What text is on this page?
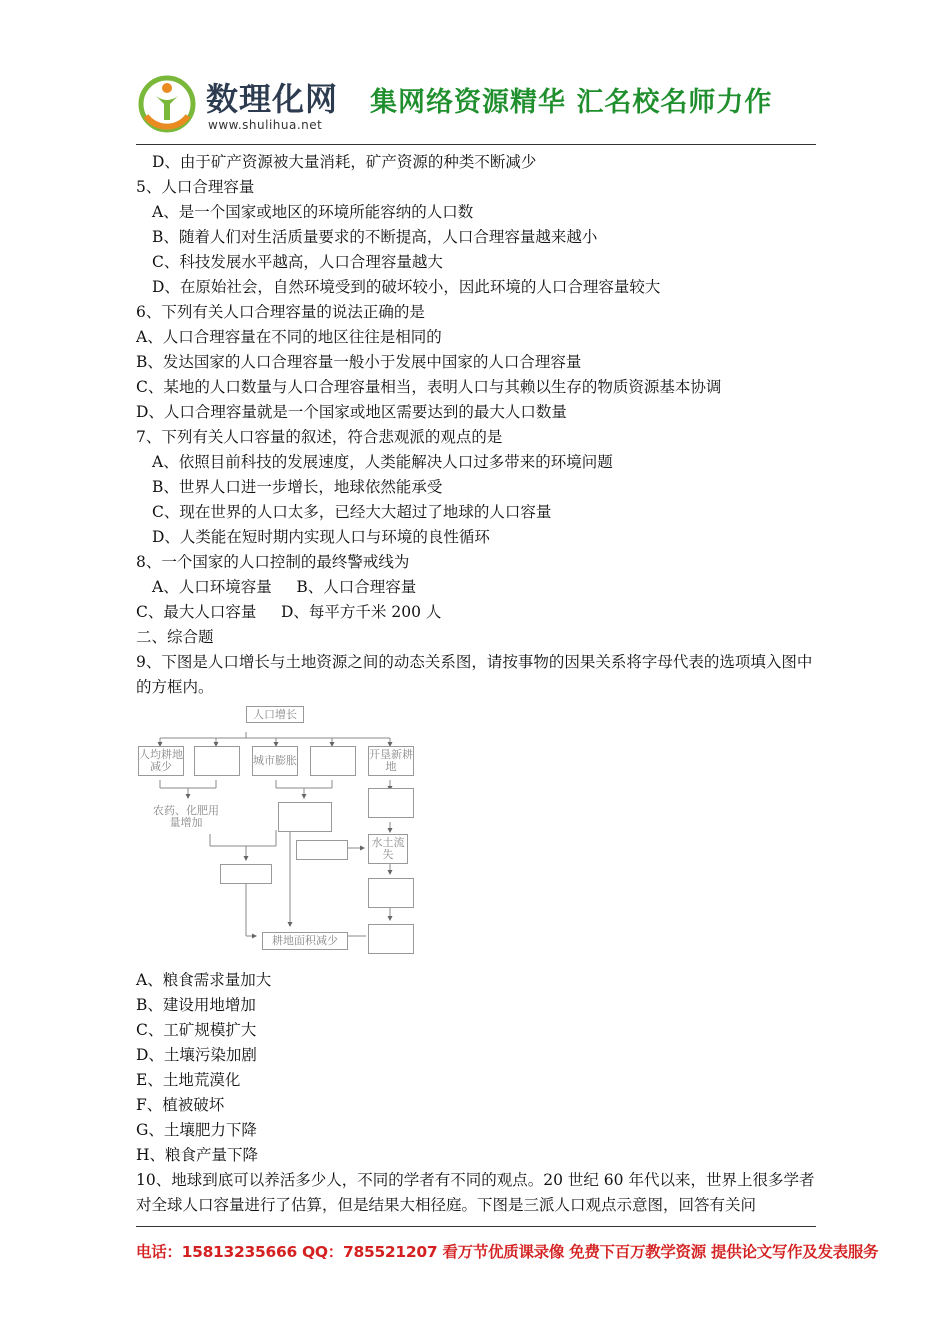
数理化网
www.shulihua.net
集网络资源精华 汇名校名师力作
D、由于矿产资源被大量消耗，矿产资源的种类不断减少
5、人口合理容量
A、是一个国家或地区的环境所能容纳的人口数
B、随着人们对生活质量要求的不断提高，人口合理容量越来越小
C、科技发展水平越高，人口合理容量越大
D、在原始社会，自然环境受到的破坏较小，因此环境的人口合理容量较大
6、下列有关人口合理容量的说法正确的是
A、人口合理容量在不同的地区往往是相同的
B、发达国家的人口合理容量一般小于发展中国家的人口合理容量
C、某地的人口数量与人口合理容量相当，表明人口与其赖以生存的物质资源基本协调
D、人口合理容量就是一个国家或地区需要达到的最大人口数量
7、下列有关人口容量的叙述，符合悲观派的观点的是
A、依照目前科技的发展速度，人类能解决人口过多带来的环境问题
B、世界人口进一步增长，地球依然能承受
C、现在世界的人口太多，已经大大超过了地球的人口容量
D、人类能在短时期内实现人口与环境的良性循环
8、一个国家的人口控制的最终警戒线为
A、人口环境容量     B、人口合理容量
C、最大人口容量     D、每平方千米 200 人
二、综合题
9、下图是人口增长与土地资源之间的动态关系图，请按事物的因果关系将字母代表的选项填入图中的方框内。
人口增长
人均耕地减少	城市膨胀	开垦新耕地
农药、化肥用量增加
水土流失
耕地面积减少
A、粮食需求量加大
B、建设用地增加
C、工矿规模扩大
D、土壤污染加剧
E、土地荒漠化
F、植被破坏
G、土壤肥力下降
H、粮食产量下降
10、地球到底可以养活多少人，不同的学者有不同的观点。20 世纪 60 年代以来，世界上很多学者对全球人口容量进行了估算，但是结果大相径庭。下图是三派人口观点示意图，回答有关问
电话：15813235666 QQ：785521207 看万节优质课录像 免费下百万教学资源 提供论文写作及发表服务
